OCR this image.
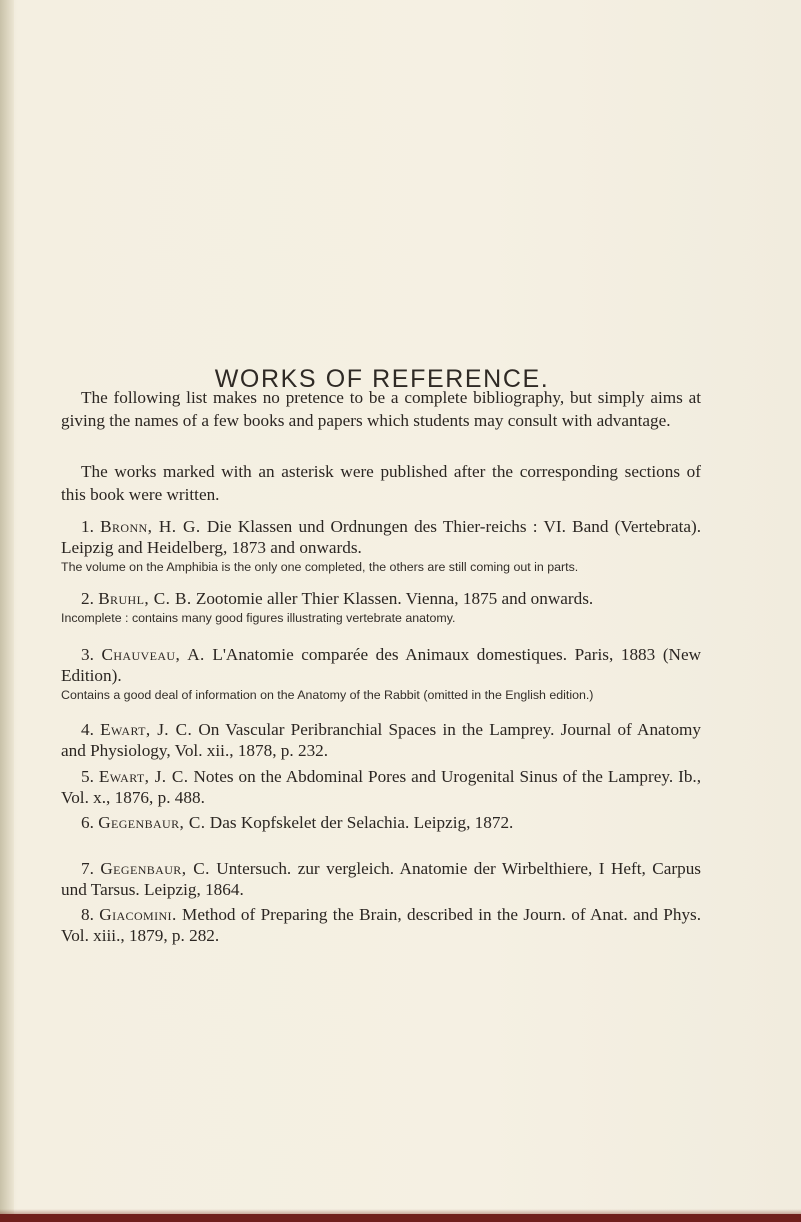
WORKS OF REFERENCE.

The following list makes no pretence to be a complete bibliography, but simply aims at giving the names of a few books and papers which students may consult with advantage.

The works marked with an asterisk were published after the corresponding sections of this book were written.

1. Bronn, H. G. Die Klassen und Ordnungen des Thier-reichs : VI. Band (Vertebrata). Leipzig and Heidelberg, 1873 and onwards.
The volume on the Amphibia is the only one completed, the others are still coming out in parts.
2. Bruhl, C. B. Zootomie aller Thier Klassen. Vienna, 1875 and onwards.
Incomplete : contains many good figures illustrating vertebrate anatomy.
3. Chauveau, A. L'Anatomie comparée des Animaux domestiques. Paris, 1883 (New Edition).
Contains a good deal of information on the Anatomy of the Rabbit (omitted in the English edition.)
4. Ewart, J. C. On Vascular Peribranchial Spaces in the Lamprey. Journal of Anatomy and Physiology, Vol. xii., 1878, p. 232.
5. Ewart, J. C. Notes on the Abdominal Pores and Urogenital Sinus of the Lamprey. Ib., Vol. x., 1876, p. 488.
6. Gegenbaur, C. Das Kopfskelet der Selachia. Leipzig, 1872.
7. Gegenbaur, C. Untersuch. zur vergleich. Anatomie der Wirbelthiere, I Heft, Carpus und Tarsus. Leipzig, 1864.
8. Giacomini. Method of Preparing the Brain, described in the Journ. of Anat. and Phys. Vol. xiii., 1879, p. 282.
